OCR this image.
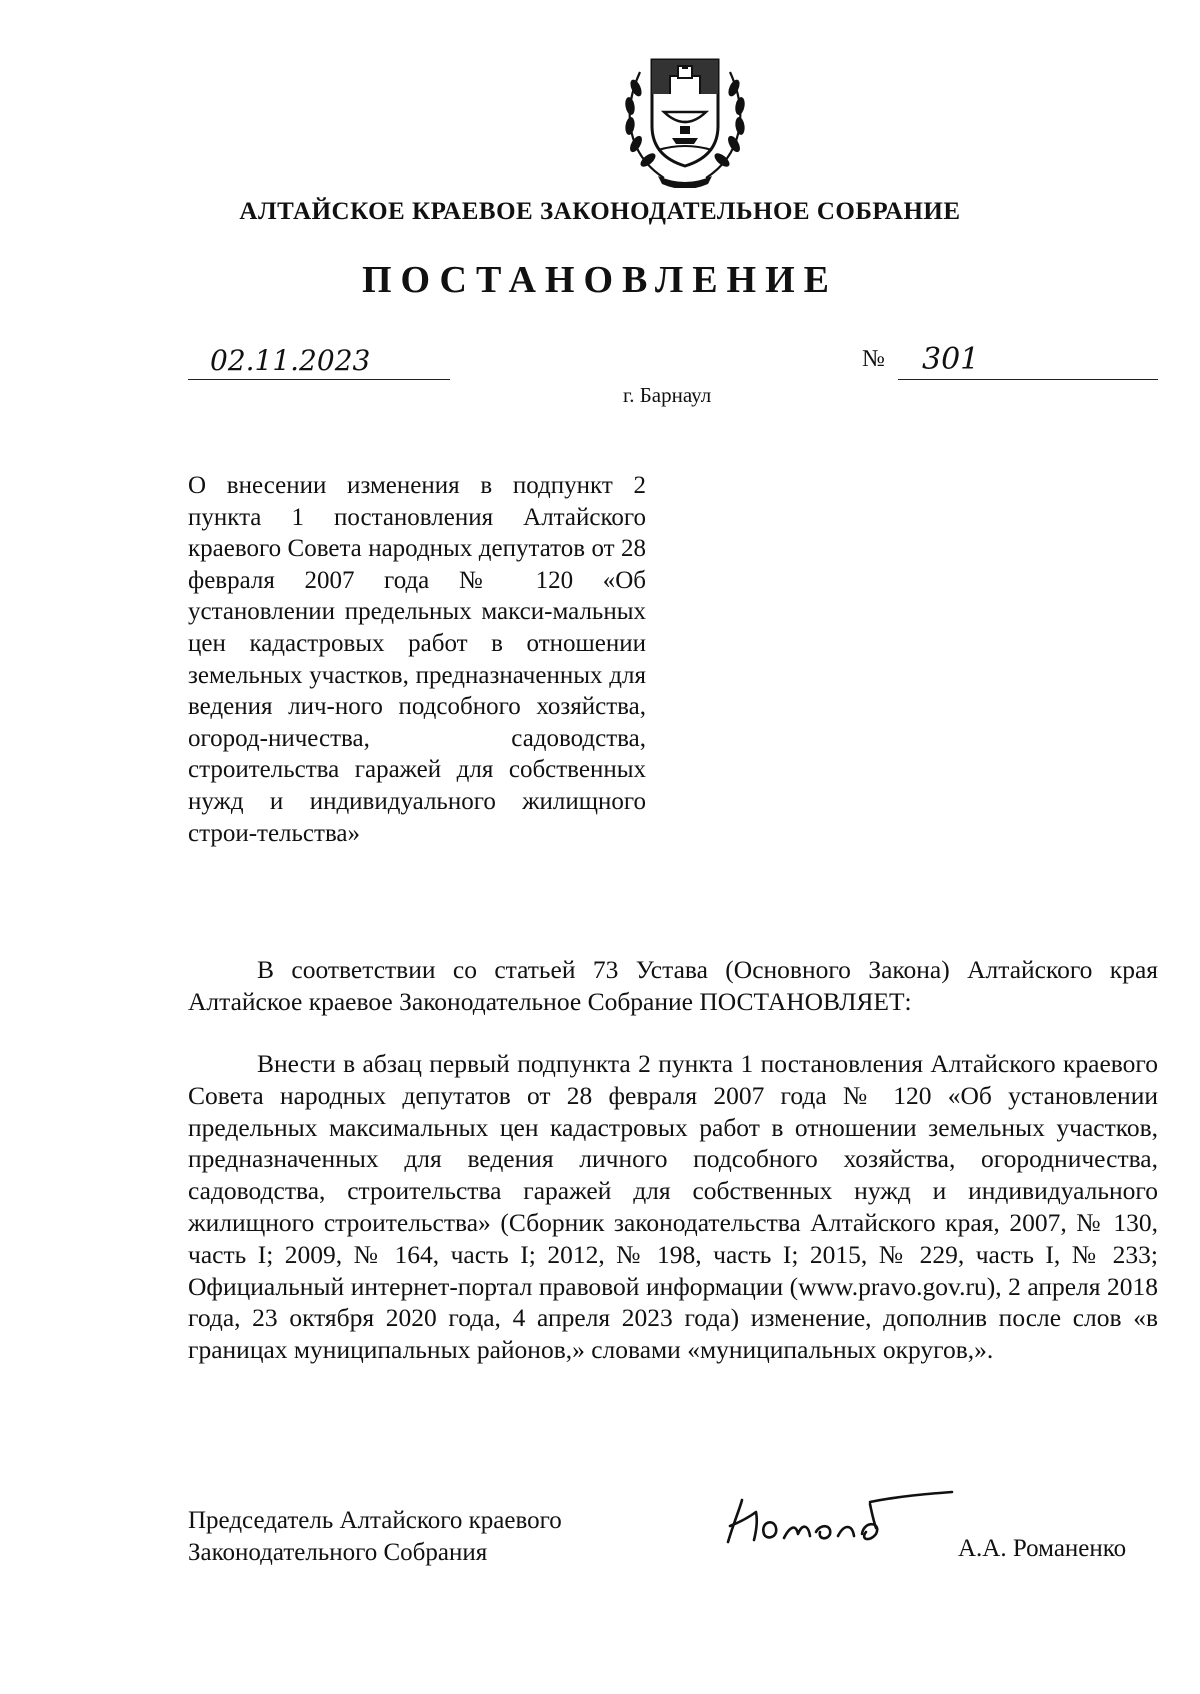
АЛТАЙСКОЕ КРАЕВОЕ ЗАКОНОДАТЕЛЬНОЕ СОБРАНИЕ
ПОСТАНОВЛЕНИЕ
02.11.2023	№ 301
г. Барнаул
О внесении изменения в подпункт 2 пункта 1 постановления Алтайского краевого Совета народных депутатов от 28 февраля 2007 года № 120 «Об установлении предельных макси-мальных цен кадастровых работ в отношении земельных участков, предназначенных для ведения лич-ного подсобного хозяйства, огород-ничества, садоводства, строительства гаражей для собственных нужд и индивидуального жилищного строи-тельства»

В соответствии со статьей 73 Устава (Основного Закона) Алтайского края Алтайское краевое Законодательное Собрание ПОСТАНОВЛЯЕТ:

Внести в абзац первый подпункта 2 пункта 1 постановления Алтайского краевого Совета народных депутатов от 28 февраля 2007 года № 120 «Об установлении предельных максимальных цен кадастровых работ в отношении земельных участков, предназначенных для ведения личного подсобного хозяйства, огородничества, садоводства, строительства гаражей для собственных нужд и индивидуального жилищного строительства» (Сборник законодательства Алтайского края, 2007, № 130, часть I; 2009, № 164, часть I; 2012, № 198, часть I; 2015, № 229, часть I, № 233; Официальный интернет-портал правовой информации (www.pravo.gov.ru), 2 апреля 2018 года, 23 октября 2020 года, 4 апреля 2023 года) изменение, дополнив после слов «в границах муниципальных районов,» словами «муниципальных округов,».

Председатель Алтайского краевого
Законодательного Собрания	А.А. Романенко
